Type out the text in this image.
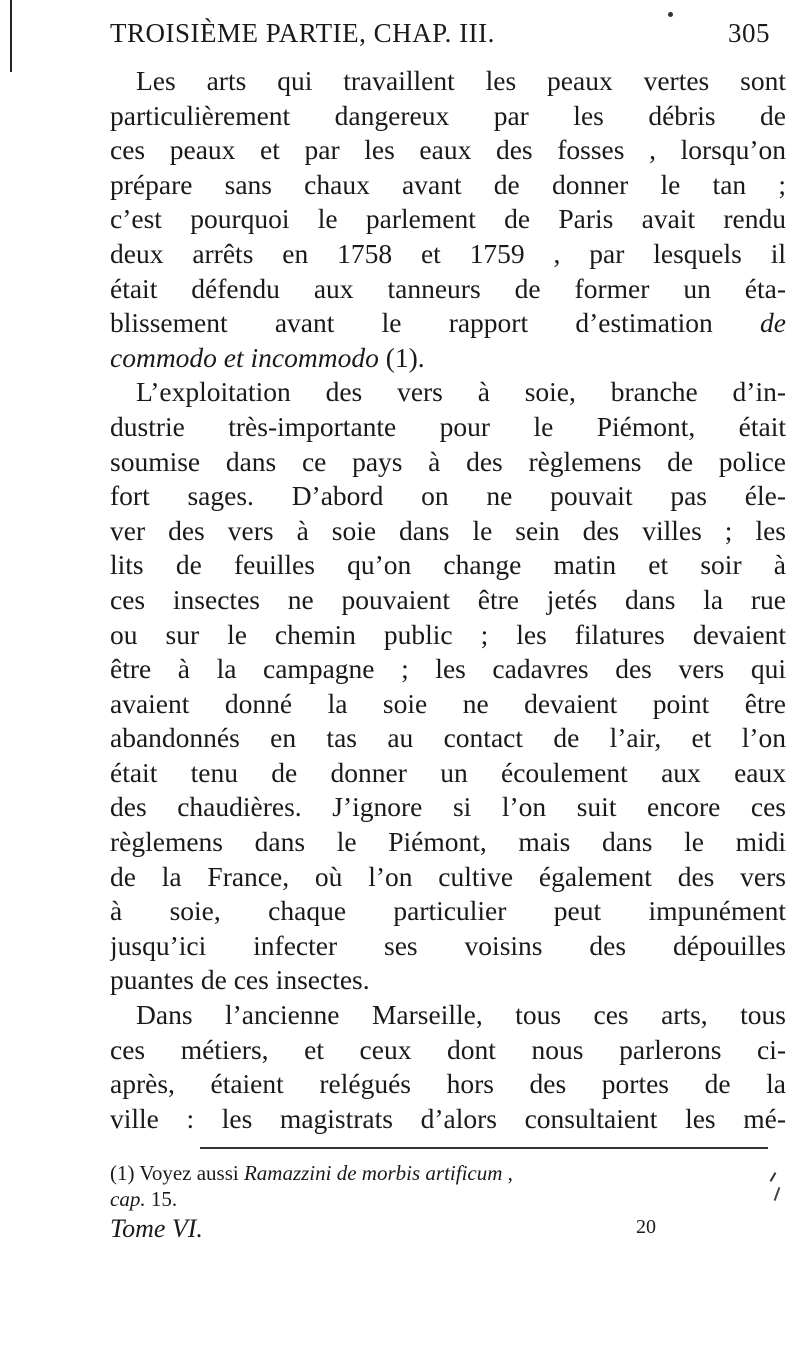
TROISIÈME PARTIE, CHAP. III.	305
Les arts qui travaillent les peaux vertes sont
particulièrement dangereux par les débris de
ces peaux et par les eaux des fosses , lorsqu’on
prépare sans chaux avant de donner le tan ;
c’est pourquoi le parlement de Paris avait rendu
deux arrêts en 1758 et 1759 , par lesquels il
était défendu aux tanneurs de former un éta-
blissement avant le rapport d’estimation de
commodo et incommodo (1).
L’exploitation des vers à soie, branche d’in-
dustrie très-importante pour le Piémont, était
soumise dans ce pays à des règlemens de police
fort sages. D’abord on ne pouvait pas éle-
ver des vers à soie dans le sein des villes ; les
lits de feuilles qu’on change matin et soir à
ces insectes ne pouvaient être jetés dans la rue
ou sur le chemin public ; les filatures devaient
être à la campagne ; les cadavres des vers qui
avaient donné la soie ne devaient point être
abandonnés en tas au contact de l’air, et l’on
était tenu de donner un écoulement aux eaux
des chaudières. J’ignore si l’on suit encore ces
règlemens dans le Piémont, mais dans le midi
de la France, où l’on cultive également des vers
à soie, chaque particulier peut impunément
jusqu’ici infecter ses voisins des dépouilles
puantes de ces insectes.
Dans l’ancienne Marseille, tous ces arts, tous
ces métiers, et ceux dont nous parlerons ci-
après, étaient relégués hors des portes de la
ville : les magistrats d’alors consultaient les mé-
(1) Voyez aussi Ramazzini de morbis artificum ,
cap. 15.
Tome VI.	20
